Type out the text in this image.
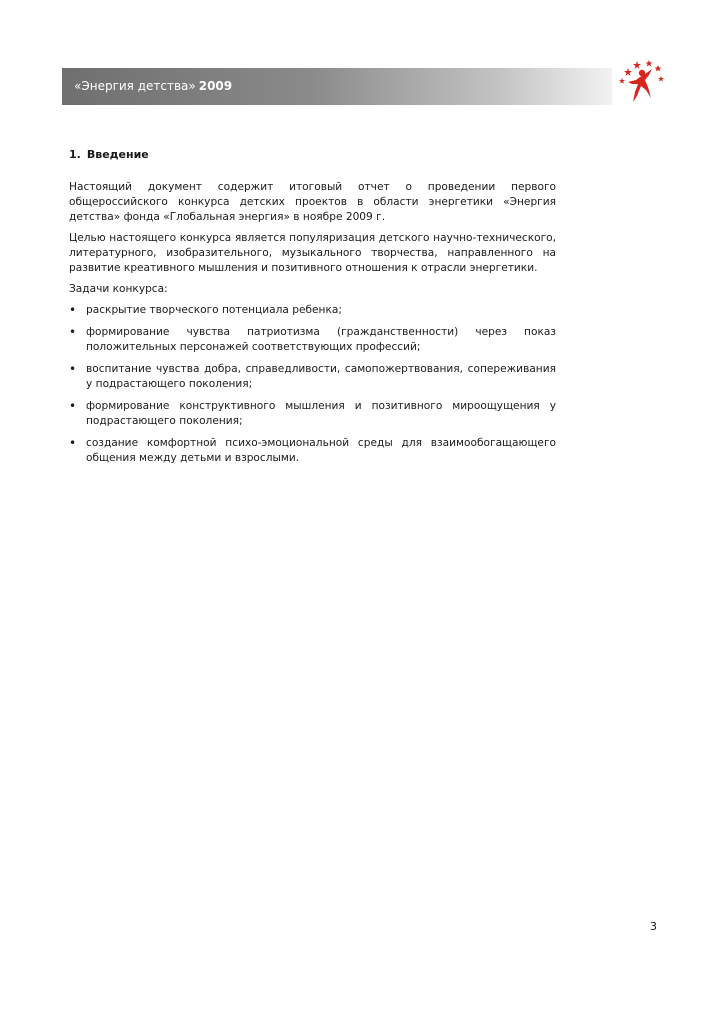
«Энергия детства» 2009
1. Введение

Настоящий документ содержит итоговый отчет о проведении первого общероссийского конкурса детских проектов в области энергетики «Энергия детства» фонда «Глобальная энергия» в ноябре 2009 г.

Целью настоящего конкурса является популяризация детского научно-технического, литературного, изобразительного, музыкального творчества, направленного на развитие креативного мышления и позитивного отношения к отрасли энергетики.

Задачи конкурса:

• раскрытие творческого потенциала ребенка;
• формирование чувства патриотизма (гражданственности) через показ положительных персонажей соответствующих профессий;
• воспитание чувства добра, справедливости, самопожертвования, сопереживания у подрастающего поколения;
• формирование конструктивного мышления и позитивного мироощущения у подрастающего поколения;
• создание комфортной психо-эмоциональной среды для взаимообогащающего общения между детьми и взрослыми.
3
